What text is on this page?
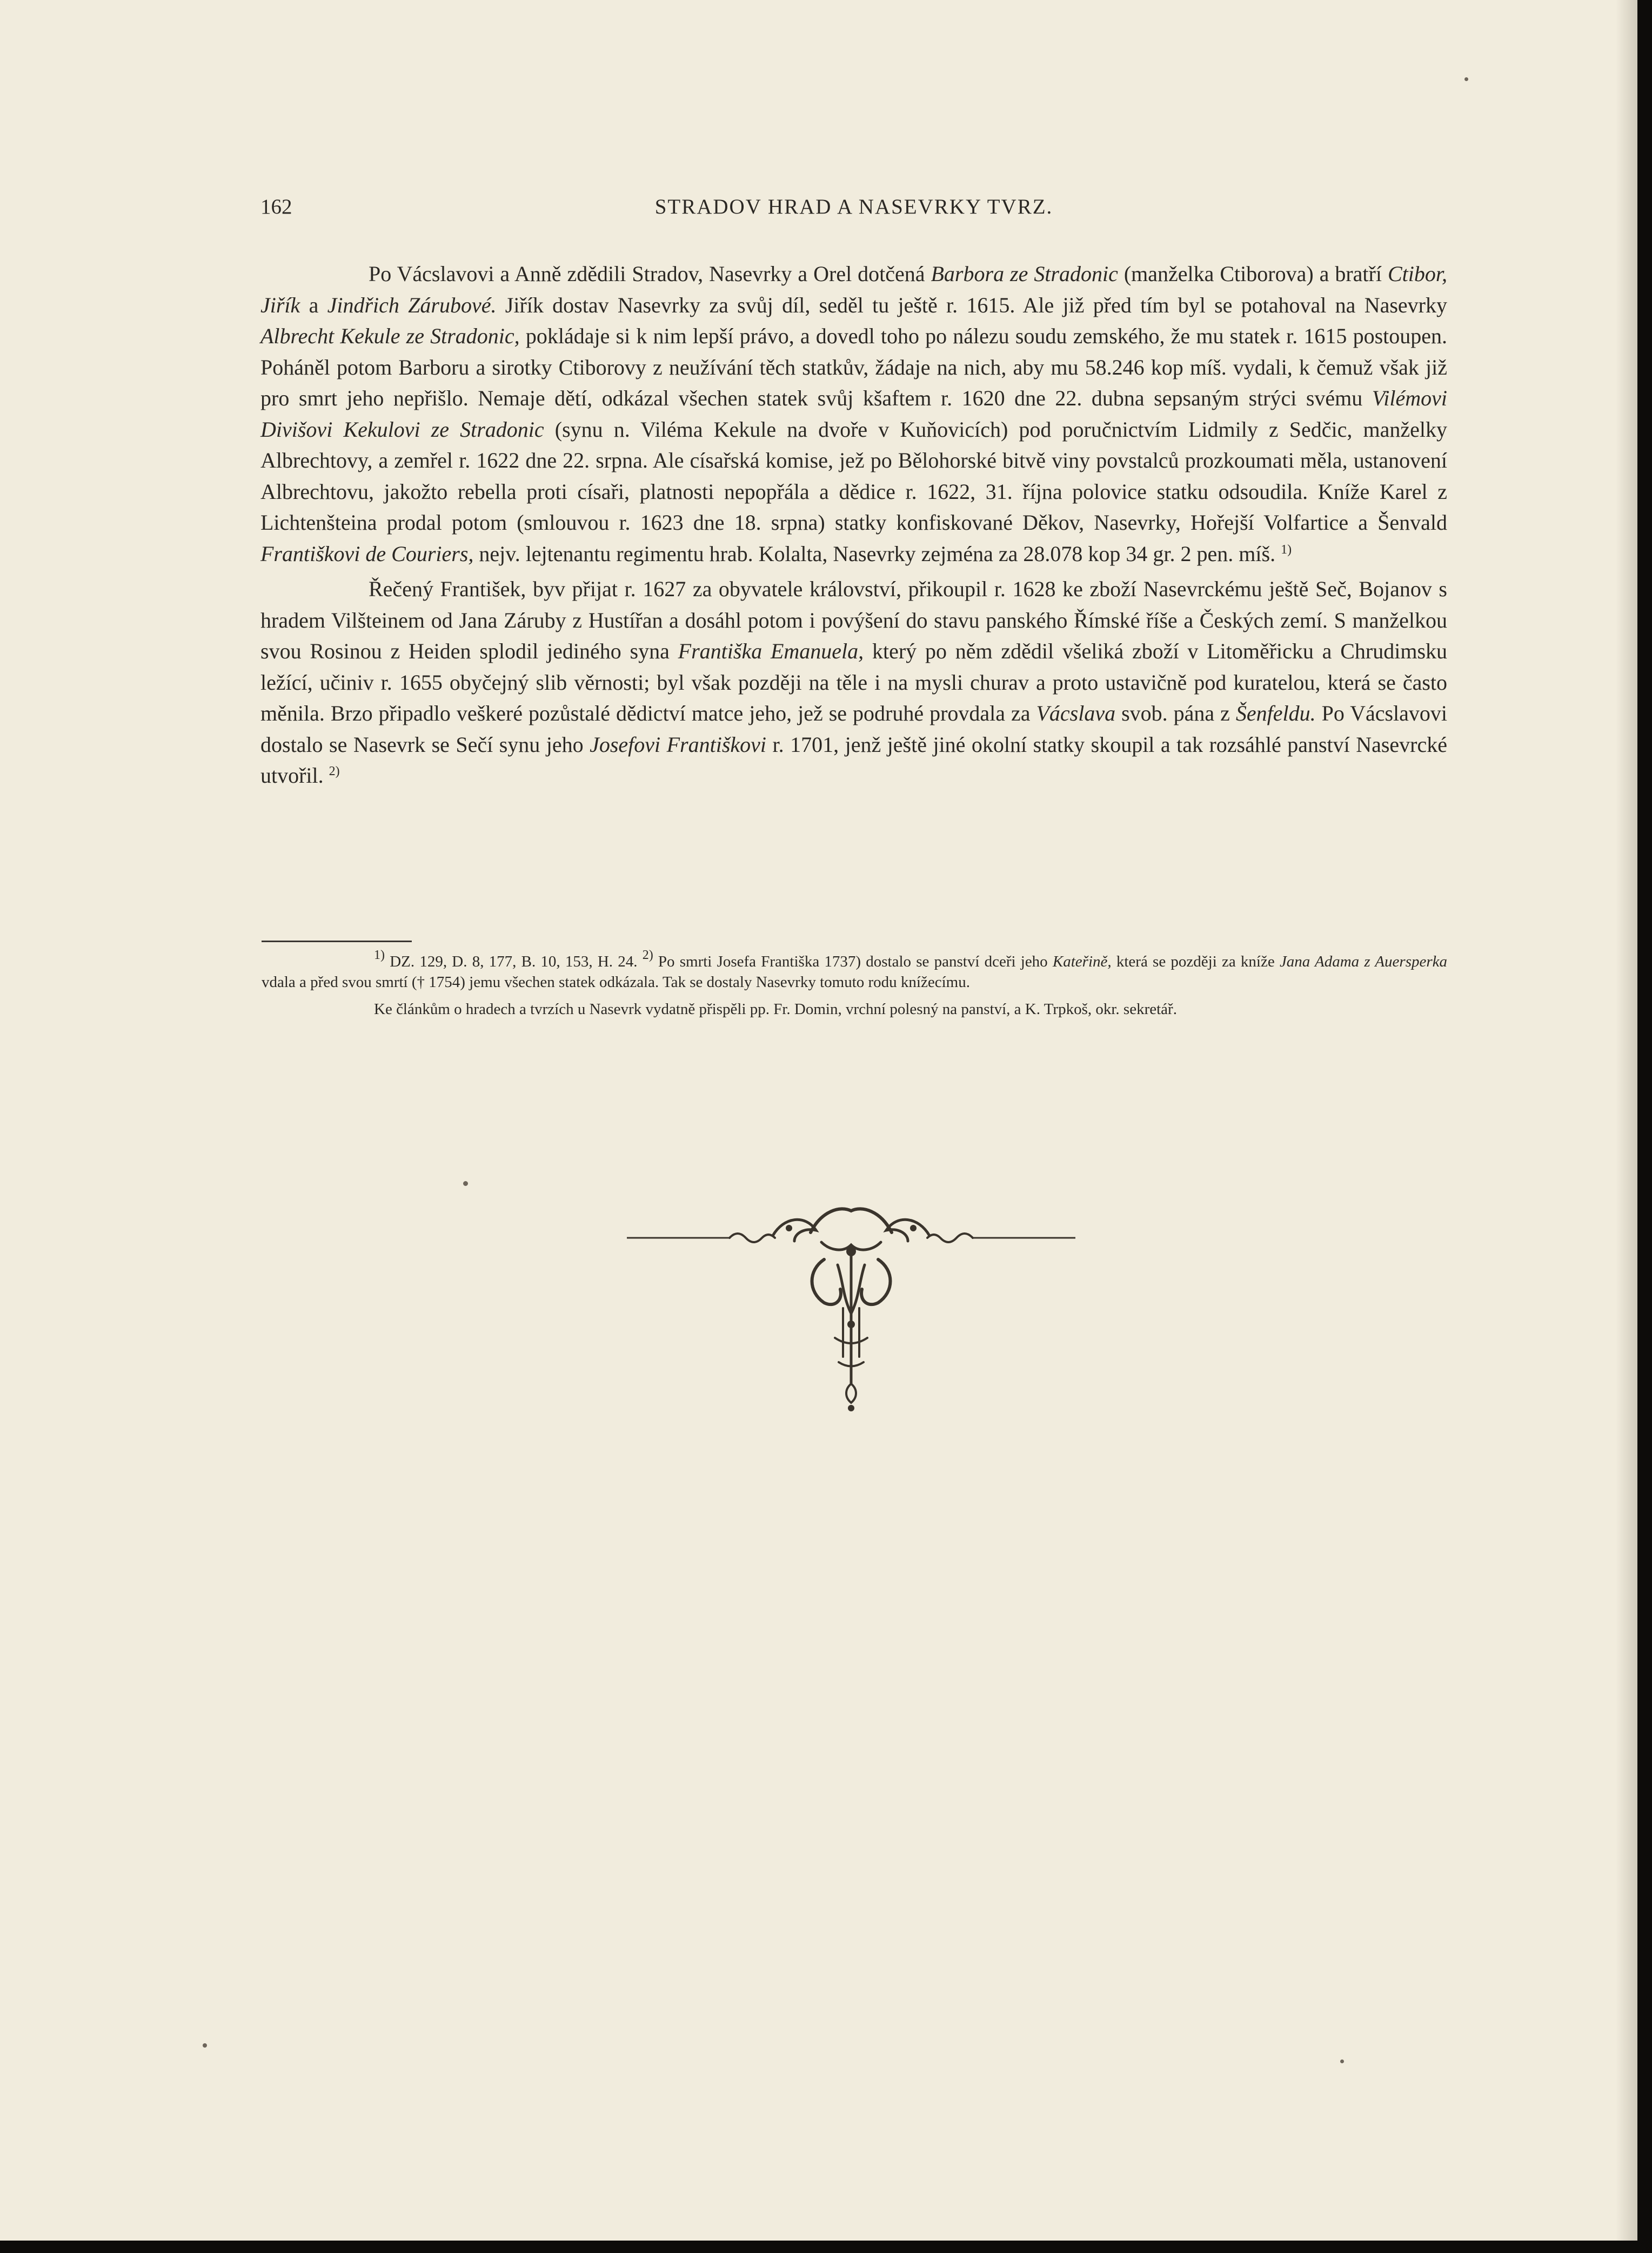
162	STRADOV HRAD A NASEVRKY TVRZ.

Po Vácslavovi a Anně zdědili Stradov, Nasevrky a Orel dotčená Barbora ze Stradonic (manželka Ctiborova) a bratří Ctibor, Jiřík a Jindřich Zárubové. Jiřík dostav Nasevrky za svůj díl, seděl tu ještě r. 1615. Ale již před tím byl se potahoval na Nasevrky Albrecht Kekule ze Stradonic, pokládaje si k nim lepší právo, a dovedl toho po nálezu soudu zemského, že mu statek r. 1615 postoupen. Poháněl potom Barboru a sirotky Ctiborovy z neužívání těch statkův, žádaje na nich, aby mu 58.246 kop míš. vydali, k čemuž však již pro smrt jeho nepřišlo. Nemaje dětí, odkázal všechen statek svůj kšaftem r. 1620 dne 22. dubna sepsaným strýci svému Vilémovi Divišovi Kekulovi ze Stradonic (synu n. Viléma Kekule na dvoře v Kuňovicích) pod poručnictvím Lidmily z Sedčic, manželky Albrechtovy, a zemřel r. 1622 dne 22. srpna. Ale císařská komise, jež po Bělohorské bitvě viny povstalců prozkoumati měla, ustanovení Albrechtovu, jakožto rebella proti císaři, platnosti nepopřála a dědice r. 1622, 31. října polovice statku odsoudila. Kníže Karel z Lichtenšteina prodal potom (smlouvou r. 1623 dne 18. srpna) statky konfiskované Děkov, Nasevrky, Hořejší Volfartice a Šenvald Františkovi de Couriers, nejv. lejtenantu regimentu hrab. Kolalta, Nasevrky zejména za 28.078 kop 34 gr. 2 pen. míš. $^{1)}$

Řečený František, byv přijat r. 1627 za obyvatele království, přikoupil r. 1628 ke zboží Nasevrckému ještě Seč, Bojanov s hradem Vilšteinem od Jana Záruby z Hustířan a dosáhl potom i povýšení do stavu panského Římské říše a Českých zemí. S manželkou svou Rosinou z Heiden splodil jediného syna Františka Emanuela, který po něm zdědil všeliká zboží v Litoměřicku a Chrudimsku ležící, učiniv r. 1655 obyčejný slib věrnosti; byl však později na těle i na mysli churav a proto ustavičně pod kuratelou, která se často měnila. Brzo připadlo veškeré pozůstalé dědictví matce jeho, jež se podruhé provdala za Vácslava svob. pána z Šenfeldu. Po Vácslavovi dostalo se Nasevrk se Sečí synu jeho Josefovi Františkovi r. 1701, jenž ještě jiné okolní statky skoupil a tak rozsáhlé panství Nasevrcké utvořil. $^{2)}$

$^{1)}$ DZ. 129, D. 8, 177, B. 10, 153, H. 24. $^{2)}$ Po smrti Josefa Františka 1737) dostalo se panství dceři jeho Kateřině, která se později za kníže Jana Adama z Auersperka vdala a před svou smrtí († 1754) jemu všechen statek odkázala. Tak se dostaly Nasevrky tomuto rodu knížecímu.

Ke článkům o hradech a tvrzích u Nasevrk vydatně přispěli pp. Fr. Domin, vrchní polesný na panství, a K. Trpkoš, okr. sekretář.
